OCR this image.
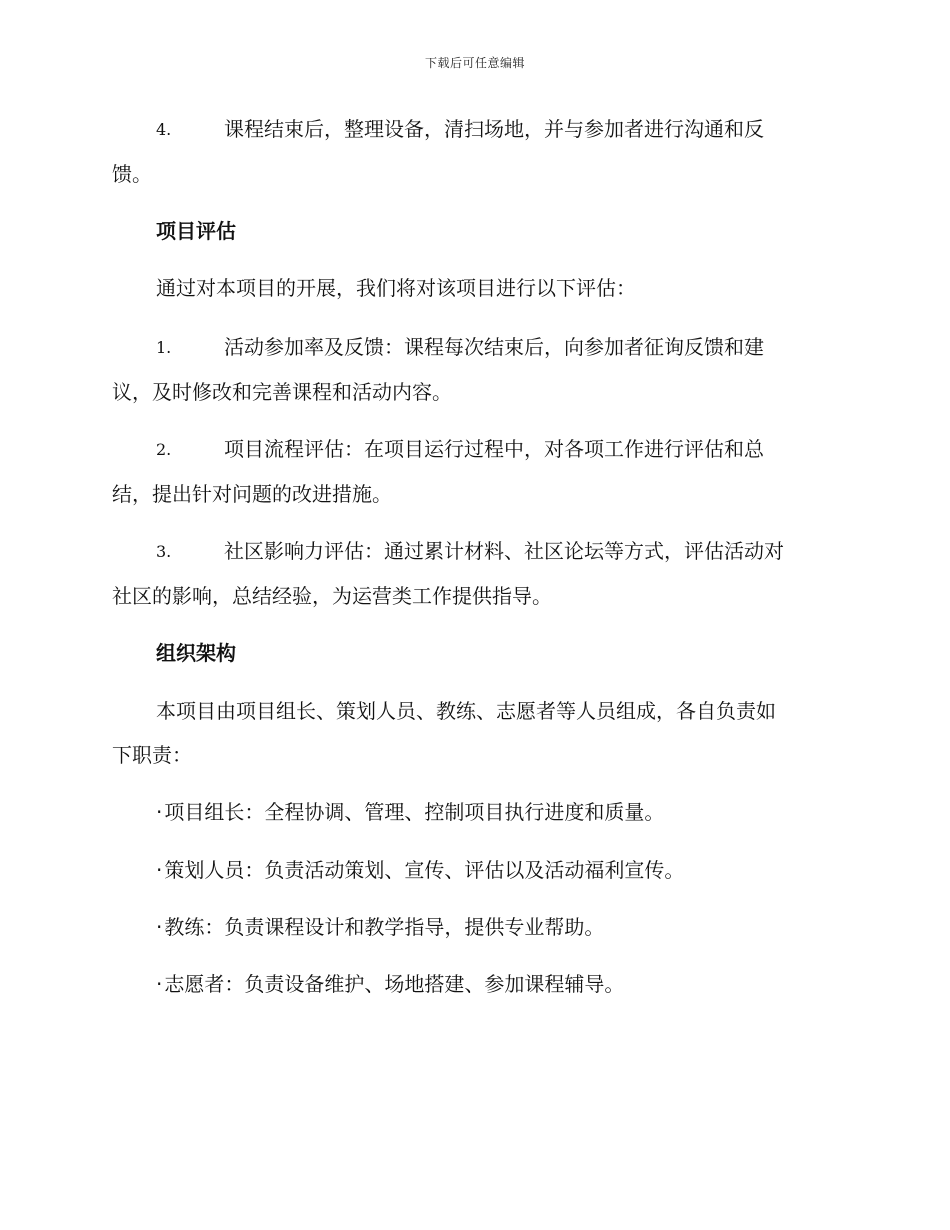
下载后可任意编辑
4.	课程结束后，整理设备，清扫场地，并与参加者进行沟通和反
馈。
项目评估

通过对本项目的开展，我们将对该项目进行以下评估：

1.	活动参加率及反馈：课程每次结束后，向参加者征询反馈和建
议，及时修改和完善课程和活动内容。
2.	项目流程评估：在项目运行过程中，对各项工作进行评估和总
结，提出针对问题的改进措施。
3.	社区影响力评估：通过累计材料、社区论坛等方式，评估活动对
社区的影响，总结经验，为运营类工作提供指导。
组织架构
本项目由项目组长、策划人员、教练、志愿者等人员组成，各自负责如
下职责：

· 项目组长：全程协调、管理、控制项目执行进度和质量。

· 策划人员：负责活动策划、宣传、评估以及活动福利宣传。

· 教练：负责课程设计和教学指导，提供专业帮助。

· 志愿者：负责设备维护、场地搭建、参加课程辅导。
